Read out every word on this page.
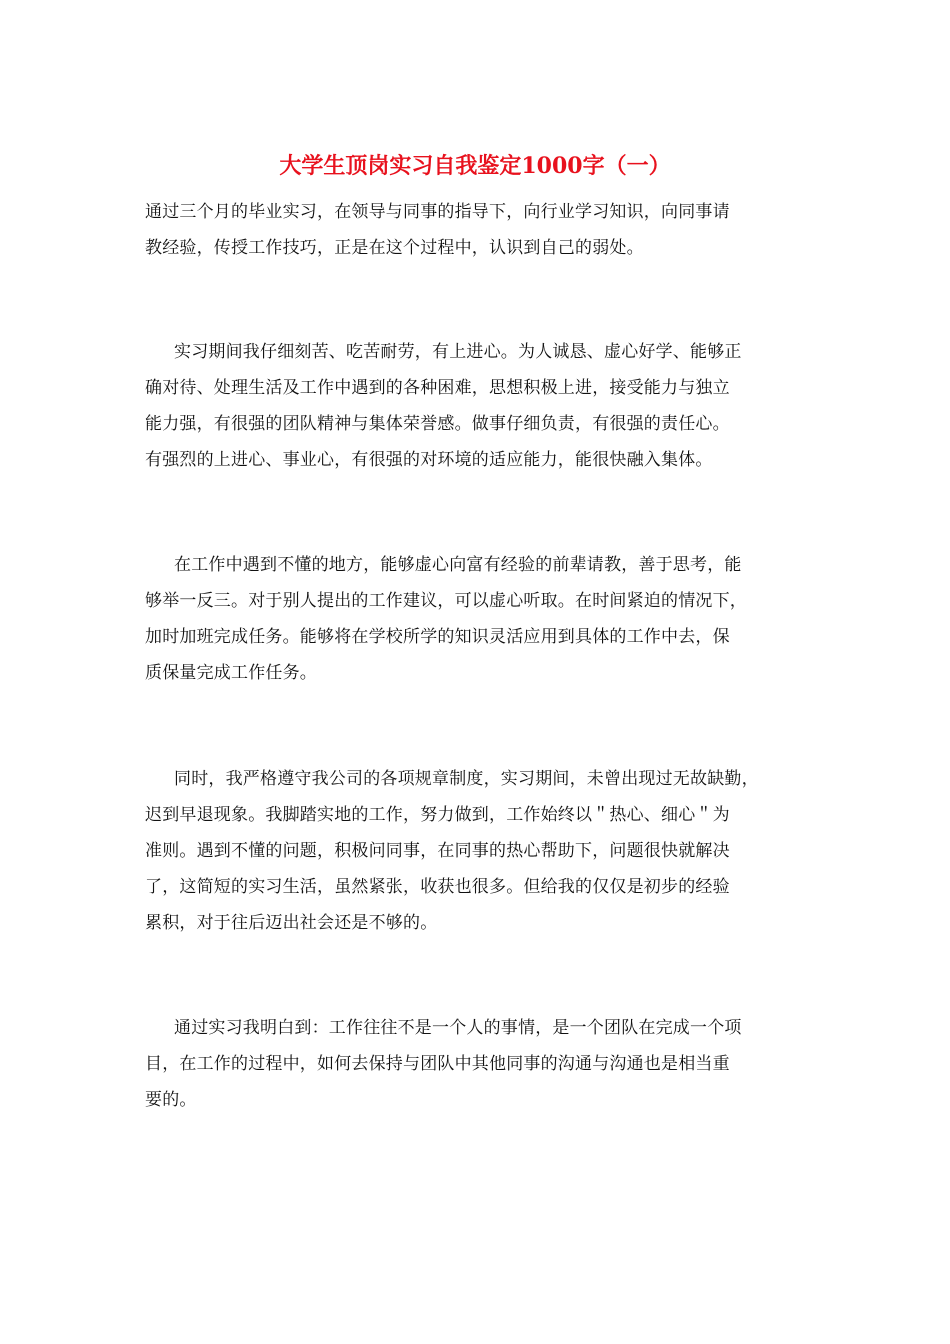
大学生顶岗实习自我鉴定1000字（一）
通过三个月的毕业实习，在领导与同事的指导下，向行业学习知识，向同事请
教经验，传授工作技巧，正是在这个过程中，认识到自己的弱处。
实习期间我仔细刻苦、吃苦耐劳，有上进心。为人诚恳、虚心好学、能够正
确对待、处理生活及工作中遇到的各种困难，思想积极上进，接受能力与独立
能力强，有很强的团队精神与集体荣誉感。做事仔细负责，有很强的责任心。
有强烈的上进心、事业心，有很强的对环境的适应能力，能很快融入集体。
在工作中遇到不懂的地方，能够虚心向富有经验的前辈请教，善于思考，能
够举一反三。对于别人提出的工作建议，可以虚心听取。在时间紧迫的情况下，
加时加班完成任务。能够将在学校所学的知识灵活应用到具体的工作中去，保
质保量完成工作任务。
同时，我严格遵守我公司的各项规章制度，实习期间，未曾出现过无故缺勤，
迟到早退现象。我脚踏实地的工作，努力做到，工作始终以＂热心、细心＂为
准则。遇到不懂的问题，积极问同事，在同事的热心帮助下，问题很快就解决
了，这简短的实习生活，虽然紧张，收获也很多。但给我的仅仅是初步的经验
累积，对于往后迈出社会还是不够的。
通过实习我明白到：工作往往不是一个人的事情，是一个团队在完成一个项
目，在工作的过程中，如何去保持与团队中其他同事的沟通与沟通也是相当重
要的。
